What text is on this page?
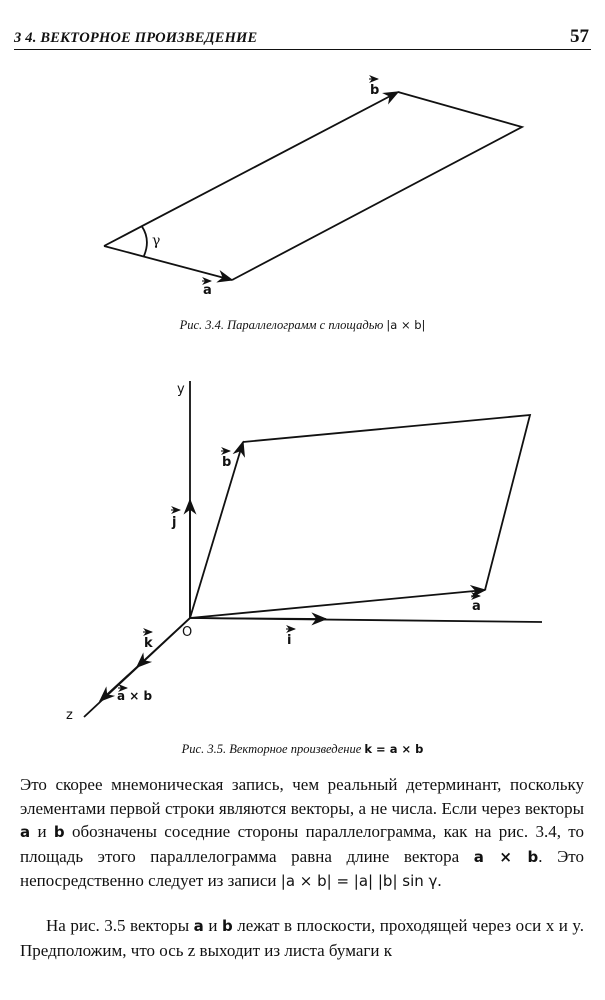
3 4. ВЕКТОРНОЕ ПРОИЗВЕДЕНИЕ	57
b
a
γ
Рис. 3.4. Параллелограмм с площадью |a × b|
y
z
O
b
a
j
i
k
a × b
Рис. 3.5. Векторное произведение k = a × b

Это скорее мнемоническая запись, чем реальный детерминант, поскольку элементами первой строки являются векторы, а не числа. Если через векторы a и b обозначены соседние стороны параллелограмма, как на рис. 3.4, то площадь этого параллелограмма равна длине вектора a × b. Это непосредственно следует из записи |a × b| = |a| |b| sin γ.

На рис. 3.5 векторы a и b лежат в плоскости, проходящей через оси x и y. Предположим, что ось z выходит из листа бумаги к
